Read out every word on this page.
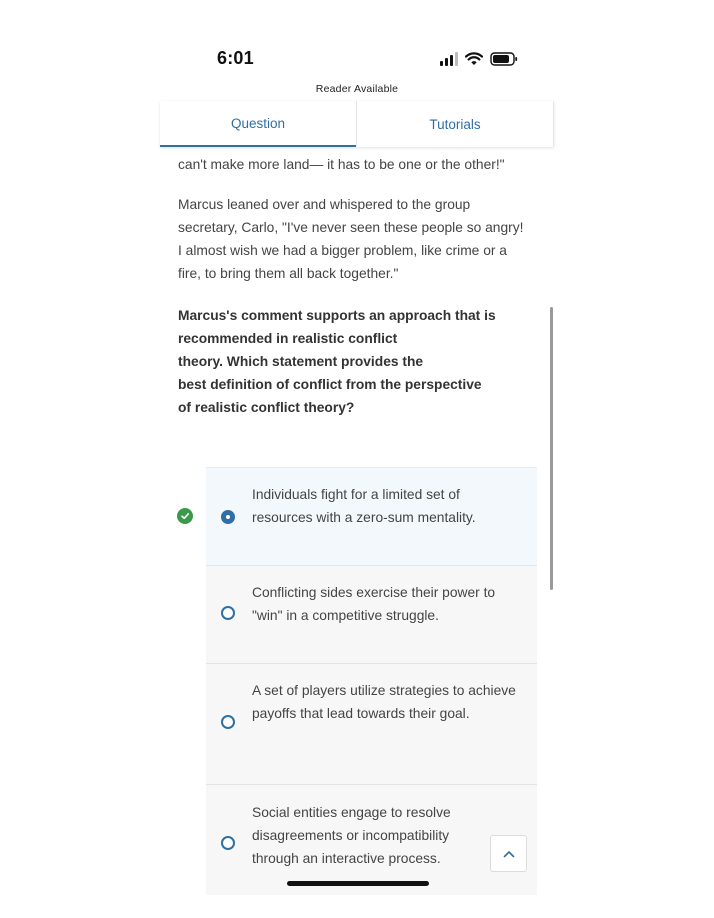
6:01
Reader Available
Question	Tutorials

can't make more land— it has to be one or the other!"

Marcus leaned over and whispered to the group secretary, Carlo, "I've never seen these people so angry! I almost wish we had a bigger problem, like crime or a fire, to bring them all back together."

Marcus's comment supports an approach that is
recommended in realistic conflict
theory. Which statement provides the
best definition of conflict from the perspective
of realistic conflict theory?

Individuals fight for a limited set of resources with a zero-sum mentality.
Conflicting sides exercise their power to "win" in a competitive struggle.
A set of players utilize strategies to achieve payoffs that lead towards their goal.
Social entities engage to resolve disagreements or incompatibility through an interactive process.
